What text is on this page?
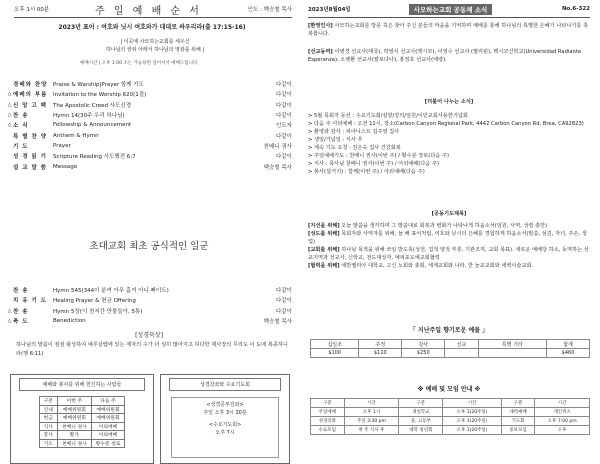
오후 1시 00분	주 일 예 배 순 서	인도 : 백승철 목사
2023년 표어 : 여호와 닛시 여호와가 대대로 싸우리라(출 17:15-16)
| 이곳에 사모하는교회를 세우신
하나님의 권위 아래서 하나님의 영광을 위해 |
예배시간 | 오후 1:00 소는 가능하면 일어서서 예배드립니다
경배와 찬양	Praise & Warship|Prayer 함께 기도	다같이
△ 예배의 부름	Invitation to the Worship 620(1절)	다같이
△ 신 앙 고 백	The Apostolic Creed 사도신경	다같이
△ 찬 송	Hymn 14(30주 우리 하나님)	다같이
△ 소 식	Fellowship & Announcement	인도자
특 별 찬 양	Anthem & Hymn	다같이
기 도	Prayer	천배니 권사
성 경 읽 기	Scripture Reading 사도행전 6:7	다같이
설 교 말 씀	Message	백승철 목사
초대교회 최초 공식적인 일군
찬 송	Hymn 545(344이 분여 아무 흠거 아니 빠이도)	다같이
치 유 기 도	Healing Prayer & 헌금 Offering	다같이
△ 찬 송	Hymn 5장(이 천지간 만물들아, 5통)	다같이
△ 축 도	Benediction	백승철 목사
[성경묵상]
하나님의 말씀이 점점 왕성하여 예루살렘에 있는 제자의 수가 더 심히 많아지고 허다한 제사장의 무리도 이 도에 복종하니라(행 6:11)
예배와 봉사를 위해 헌신하는 사람들
구분	이번 주	다음 주
인내	예배위원회	예배위원회
헌금	예배위원회	예배위원회
식사	천배니 권사	이외예배
봉사	황가	이외예배
기도	천배니 권사	황수분 장로
성경강좌와 수요기도회
<성경공부강좌>
주일 오후 3시 30분
<수요기도회>
오후 7시
2023년8월04일	사모하는교회 공동체 소식	No.6-322
[환영인사] 사모하는교회를 방문 혹은 찾아 주신 분들의 마음을 기억하며 예배를 통해 하나님의 특별한 은혜가 나타나기를 축복합니다.
[선교동역] 이병경 선교사(태국), 박영식 선교사(멕시코), 이영수 선교사 (필리핀), 멕시코신학교(Universidad Radiante Esperanza), 오벳환 선교사(칼로다나), 홍정호 선교사(태랑).
[더불어 나누는 소식]
> 5월 목회자 동선 : 수요기도회/심방/강의/임원/이민교회사용한기념회
> 다음 주 아외예배 : 오전 11시, 장소(Carbon Canyon Regional Park, 4442 Carbon Canyon Rd, Brea, CA92823)
> 환영과 감사 : 피아니스트 김주영 집사
> 생일/기념일 : 식사 후
> 계속 기도 요청 : 진은숙 집사 건강회복
> 주일예배기도 : 천배니 권사(이번 주) / 황수분 장로(다음 주)
> 식사 : 목사님 천배니 권사(이번 주) / 아외예배(다음 주)
> 봉사(설거지) : 함께(이번 주) / 아외예배(다음 주)
[공동기도제목]
[지선을 위해] 오늘 말씀을 생각하며 그 말씀대로 회복과 변화가 나타나게 하옵소서(임원, 사역, 성령 충만)
[성도를 위해] 목회자와 사역자를 위해, 늘 해 표어처럼, 여호와 닛시의 은혜를 경험하게 하옵소서(말씀, 섬김, 자녀, 주손, 생업)
[교회를 위해] 하나님 목적을 위해 쓰임 받도록(성전, 집적 양적 부흥, 기관조직, 교회 목표). 새로운 예배당 하소, 동역하는 선교지역과 선교사, 신학교, 전도대상자, 예피포도예교회협력
[협력을 위해] 에반젤리아 대학교, 고신 노회와 총회, 세계교회와 나라, 한 늘교교회와 세벽이슬교회.
「 지난주일 향기로운 예물 」
십일조	주정	감사	선교	특별 기타	합계
$100	$110	$250			$460
※ 예배 및 모임 안내 ※
구분	시간	구분	시간	구분	시간
주일예배	오후 1시	개일학교	오후 1(20주일)	새벽예배	개인적소
성경강좌	주일 3:30 pm	중, 고등부	오후 1(20주일)	기도회	오후 7:00 pm
수요모임	첫 주 식사 후	대학 청년회	오후 1(20주일)	중보모임	오후
